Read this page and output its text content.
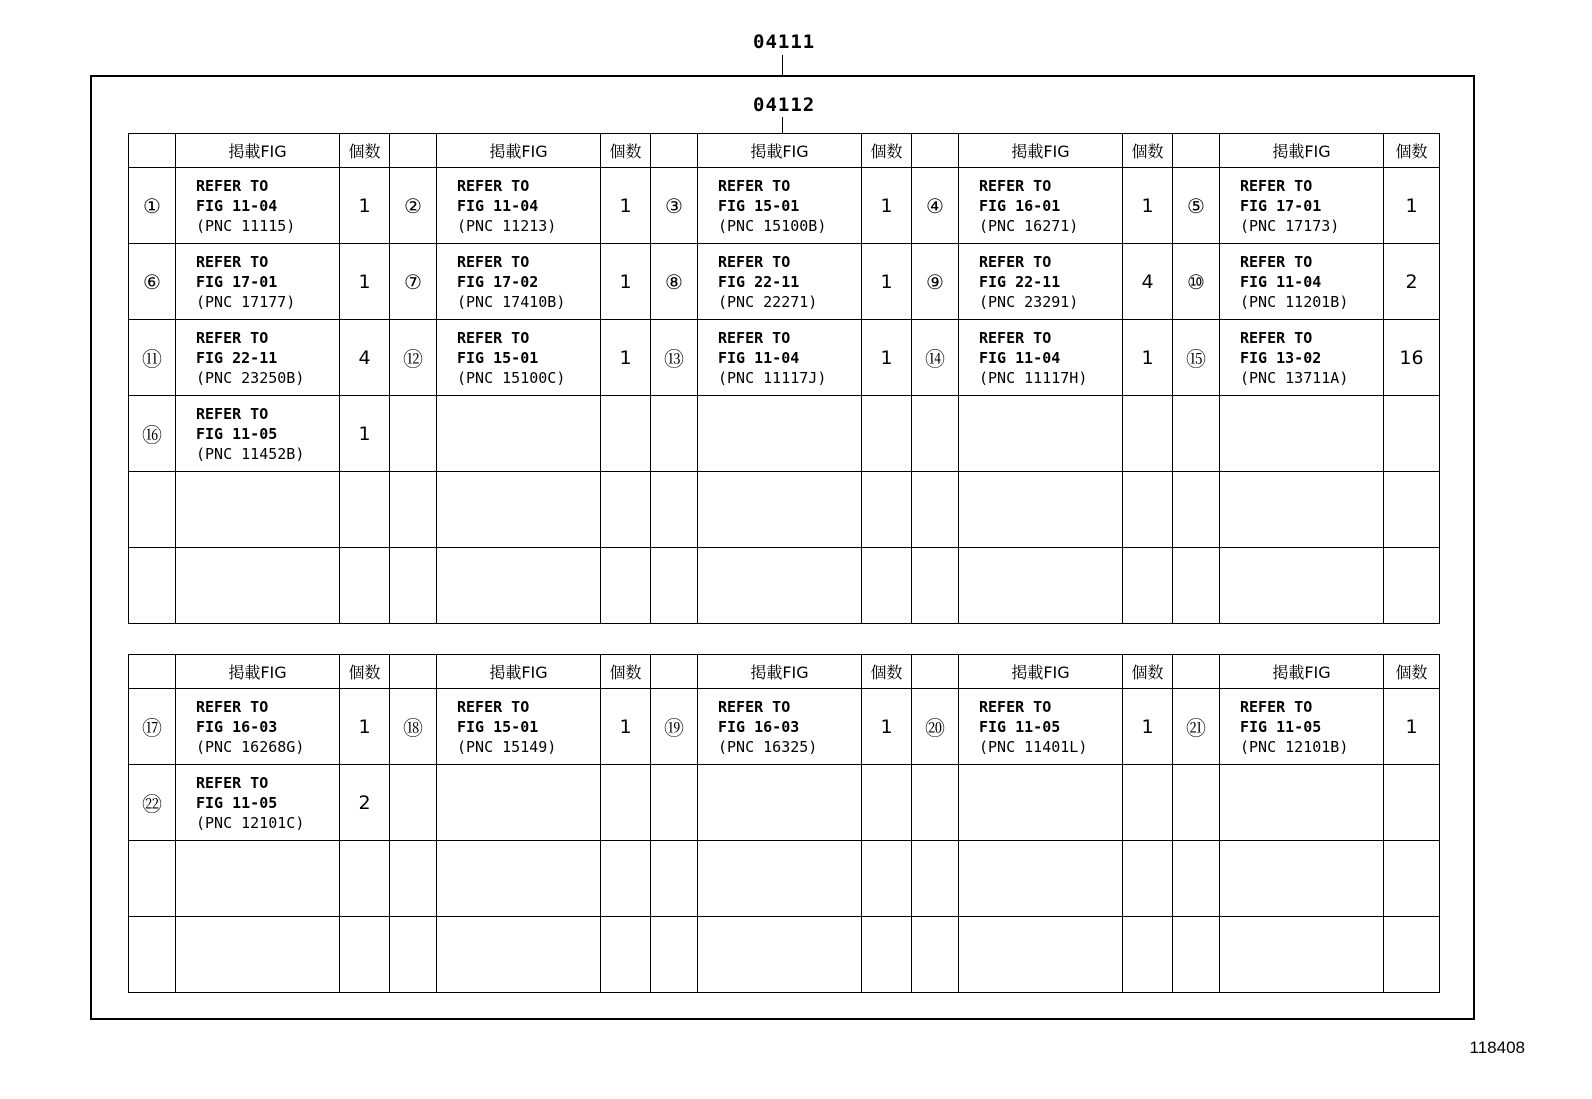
04111
04112
	掲載FIG	個数		掲載FIG	個数		掲載FIG	個数		掲載FIG	個数		掲載FIG	個数
①	REFER TO
FIG 11-04
(PNC 11115)	1	②	REFER TO
FIG 11-04
(PNC 11213)	1	③	REFER TO
FIG 15-01
(PNC 15100B)	1	④	REFER TO
FIG 16-01
(PNC 16271)	1	⑤	REFER TO
FIG 17-01
(PNC 17173)	1
⑥	REFER TO
FIG 17-01
(PNC 17177)	1	⑦	REFER TO
FIG 17-02
(PNC 17410B)	1	⑧	REFER TO
FIG 22-11
(PNC 22271)	1	⑨	REFER TO
FIG 22-11
(PNC 23291)	4	⑩	REFER TO
FIG 11-04
(PNC 11201B)	2
⑪	REFER TO
FIG 22-11
(PNC 23250B)	4	⑫	REFER TO
FIG 15-01
(PNC 15100C)	1	⑬	REFER TO
FIG 11-04
(PNC 11117J)	1	⑭	REFER TO
FIG 11-04
(PNC 11117H)	1	⑮	REFER TO
FIG 13-02
(PNC 13711A)	16
⑯	REFER TO
FIG 11-05
(PNC 11452B)	1												

	掲載FIG	個数		掲載FIG	個数		掲載FIG	個数		掲載FIG	個数		掲載FIG	個数
⑰	REFER TO
FIG 16-03
(PNC 16268G)	1	⑱	REFER TO
FIG 15-01
(PNC 15149)	1	⑲	REFER TO
FIG 16-03
(PNC 16325)	1	⑳	REFER TO
FIG 11-05
(PNC 11401L)	1	㉑	REFER TO
FIG 11-05
(PNC 12101B)	1
㉒	REFER TO
FIG 11-05
(PNC 12101C)	2												

118408
